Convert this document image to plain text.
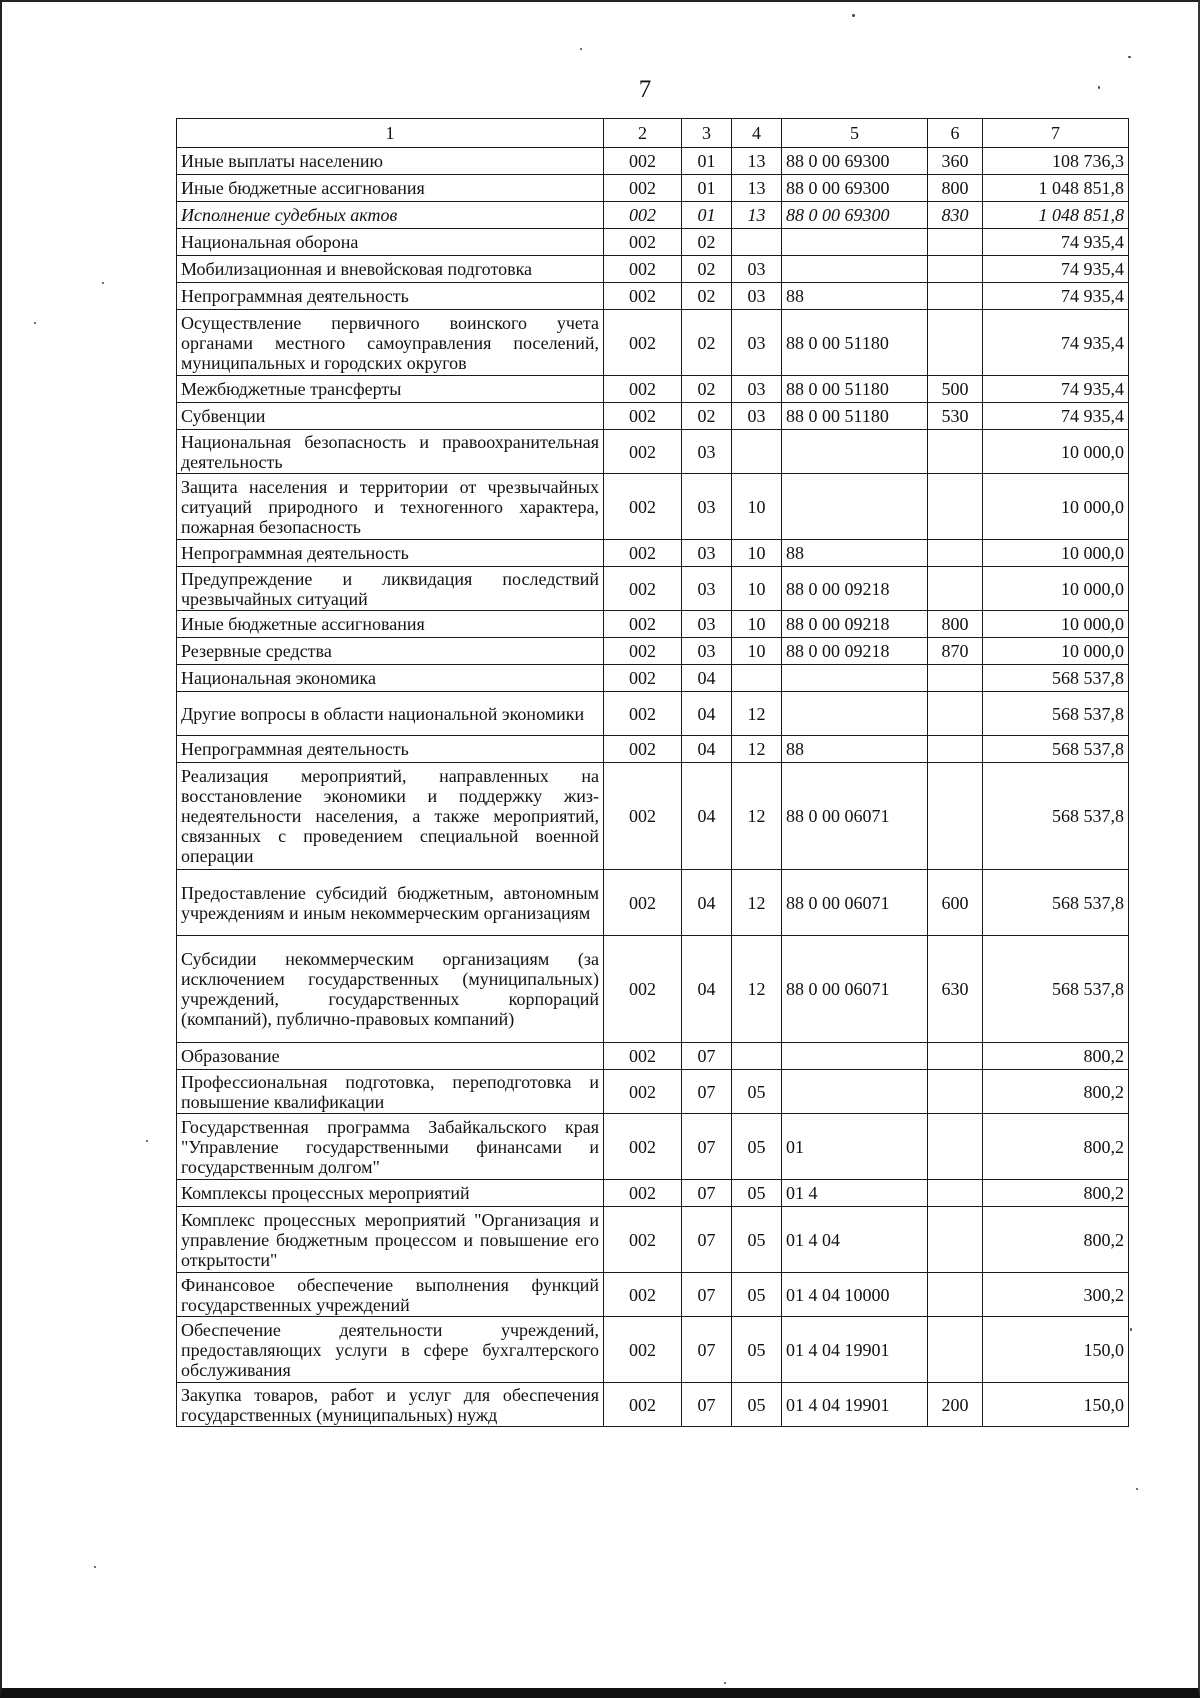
7
1	2	3	4	5	6	7
Иные выплаты населению	002	01	13	88 0 00 69300	360	108 736,3
Иные бюджетные ассигнования	002	01	13	88 0 00 69300	800	1 048 851,8
Исполнение судебных актов	002	01	13	88 0 00 69300	830	1 048 851,8
Национальная оборона	002	02				74 935,4
Мобилизационная и вневойсковая подготовка	002	02	03			74 935,4
Непрограммная деятельность	002	02	03	88		74 935,4
Осуществление первичного воинского учета органами местного самоуправления поселений, муниципальных и городских округов	002	02	03	88 0 00 51180		74 935,4
Межбюджетные трансферты	002	02	03	88 0 00 51180	500	74 935,4
Субвенции	002	02	03	88 0 00 51180	530	74 935,4
Национальная безопасность и правоохранительная деятельность	002	03				10 000,0
Защита населения и территории от чрезвычайных ситуаций природного и техногенного характера, пожарная безопасность	002	03	10			10 000,0
Непрограммная деятельность	002	03	10	88		10 000,0
Предупреждение и ликвидация последствий чрезвычайных ситуаций	002	03	10	88 0 00 09218		10 000,0
Иные бюджетные ассигнования	002	03	10	88 0 00 09218	800	10 000,0
Резервные средства	002	03	10	88 0 00 09218	870	10 000,0
Национальная экономика	002	04				568 537,8
Другие вопросы в области национальной экономики	002	04	12			568 537,8
Непрограммная деятельность	002	04	12	88		568 537,8
Реализация мероприятий, направленных на восстановление экономики и поддержку жизнедеятельности населения, а также мероприятий, связанных с проведением специальной военной операции	002	04	12	88 0 00 06071		568 537,8
Предоставление субсидий бюджетным, автономным учреждениям и иным некоммерческим организациям	002	04	12	88 0 00 06071	600	568 537,8
Субсидии некоммерческим организациям (за исключением государственных (муниципальных) учреждений, государственных корпораций (компаний), публично-правовых компаний)	002	04	12	88 0 00 06071	630	568 537,8
Образование	002	07				800,2
Профессиональная подготовка, переподготовка и повышение квалификации	002	07	05			800,2
Государственная программа Забайкальского края "Управление государственными финансами и государственным долгом"	002	07	05	01		800,2
Комплексы процессных мероприятий	002	07	05	01 4		800,2
Комплекс процессных мероприятий "Организация и управление бюджетным процессом и повышение его открытости"	002	07	05	01 4 04		800,2
Финансовое обеспечение выполнения функций государственных учреждений	002	07	05	01 4 04 10000		300,2
Обеспечение деятельности учреждений, предоставляющих услуги в сфере бухгалтерского обслуживания	002	07	05	01 4 04 19901		150,0
Закупка товаров, работ и услуг для обеспечения государственных (муниципальных) нужд	002	07	05	01 4 04 19901	200	150,0
